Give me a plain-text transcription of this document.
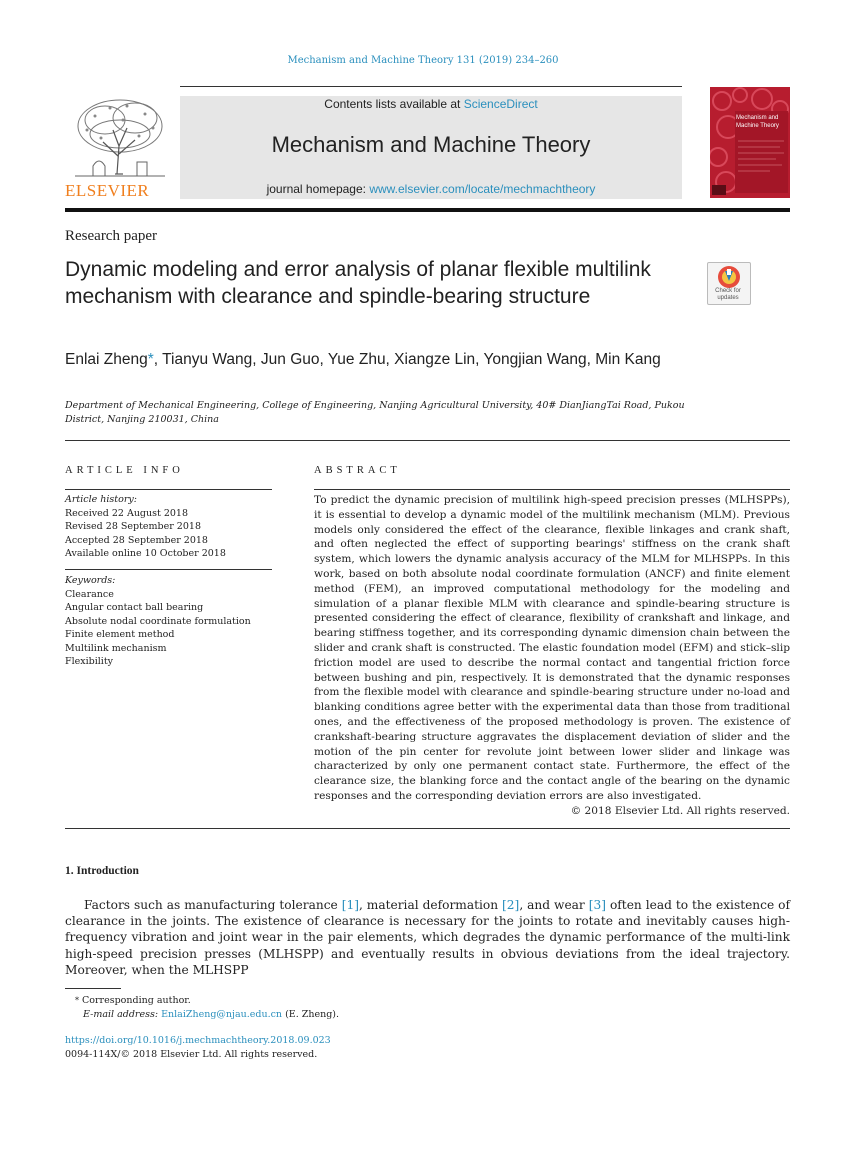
Mechanism and Machine Theory 131 (2019) 234–260
ELSEVIER
Contents lists available at ScienceDirect
Mechanism and Machine Theory
journal homepage: www.elsevier.com/locate/mechmachtheory
Mechanism and Machine Theory
Research paper
Dynamic modeling and error analysis of planar flexible multilink mechanism with clearance and spindle-bearing structure	Check for
updates
Enlai Zheng*, Tianyu Wang, Jun Guo, Yue Zhu, Xiangze Lin, Yongjian Wang, Min Kang
Department of Mechanical Engineering, College of Engineering, Nanjing Agricultural University, 40# DianJiangTai Road, Pukou District, Nanjing 210031, China
ARTICLE INFO
Article history:
Received 22 August 2018
Revised 28 September 2018
Accepted 28 September 2018
Available online 10 October 2018
Keywords:
Clearance
Angular contact ball bearing
Absolute nodal coordinate formulation
Finite element method
Multilink mechanism
Flexibility
ABSTRACT
To predict the dynamic precision of multilink high-speed precision presses (MLHSPPs), it is essential to develop a dynamic model of the multilink mechanism (MLM). Previous models only considered the effect of the clearance, flexible linkages and crank shaft, and often neglected the effect of supporting bearings' stiffness on the crank shaft system, which lowers the dynamic analysis accuracy of the MLM for MLHSPPs. In this work, based on both absolute nodal coordinate formulation (ANCF) and finite element method (FEM), an improved computational methodology for the modeling and simulation of a planar flexible MLM with clearance and spindle-bearing structure is presented considering the effect of clearance, flexibility of crankshaft and linkage, and bearing stiffness together, and its corresponding dynamic dimension chain between the slider and crank shaft is constructed. The elastic foundation model (EFM) and stick–slip friction model are used to describe the normal contact and tangential friction force between bushing and pin, respectively. It is demonstrated that the dynamic responses from the flexible model with clearance and spindle-bearing structure under no-load and blanking conditions agree better with the experimental data than those from traditional ones, and the effectiveness of the proposed methodology is proven. The existence of crankshaft-bearing structure aggravates the displacement deviation of slider and the motion of the pin center for revolute joint between lower slider and linkage was characterized by only one permanent contact state. Furthermore, the effect of the clearance size, the blanking force and the contact angle of the bearing on the dynamic responses and the corresponding deviation errors are also investigated.
© 2018 Elsevier Ltd. All rights reserved.
1. Introduction
Factors such as manufacturing tolerance [1], material deformation [2], and wear [3] often lead to the existence of clearance in the joints. The existence of clearance is necessary for the joints to rotate and inevitably causes high-frequency vibration and joint wear in the pair elements, which degrades the dynamic performance of the multi-link high-speed precision presses (MLHSPP) and eventually results in obvious deviations from the ideal trajectory. Moreover, when the MLHSPP
* Corresponding author.
E-mail address: EnlaiZheng@njau.edu.cn (E. Zheng).
https://doi.org/10.1016/j.mechmachtheory.2018.09.023
0094-114X/© 2018 Elsevier Ltd. All rights reserved.
